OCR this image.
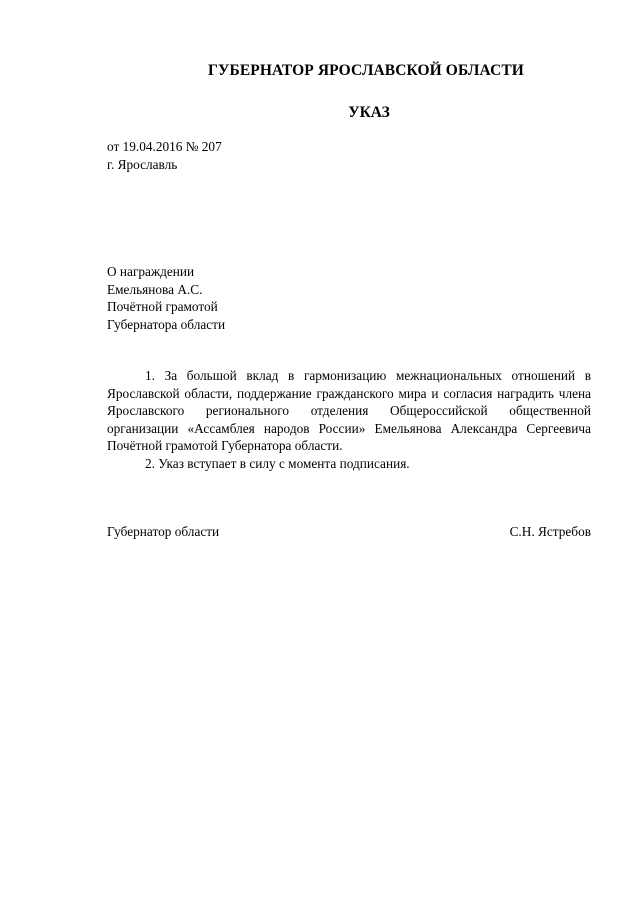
ГУБЕРНАТОР ЯРОСЛАВСКОЙ ОБЛАСТИ
УКАЗ
от 19.04.2016 № 207
г. Ярославль
О награждении
Емельянова А.С.
Почётной грамотой
Губернатора области

1. За большой вклад в гармонизацию межнациональных отношений в Ярославской области, поддержание гражданского мира и согласия наградить члена Ярославского регионального отделения Общероссийской общественной организации «Ассамблея народов России» Емельянова Александра Сергеевича Почётной грамотой Губернатора области.

2. Указ вступает в силу с момента подписания.

Губернатор области	С.Н. Ястребов
